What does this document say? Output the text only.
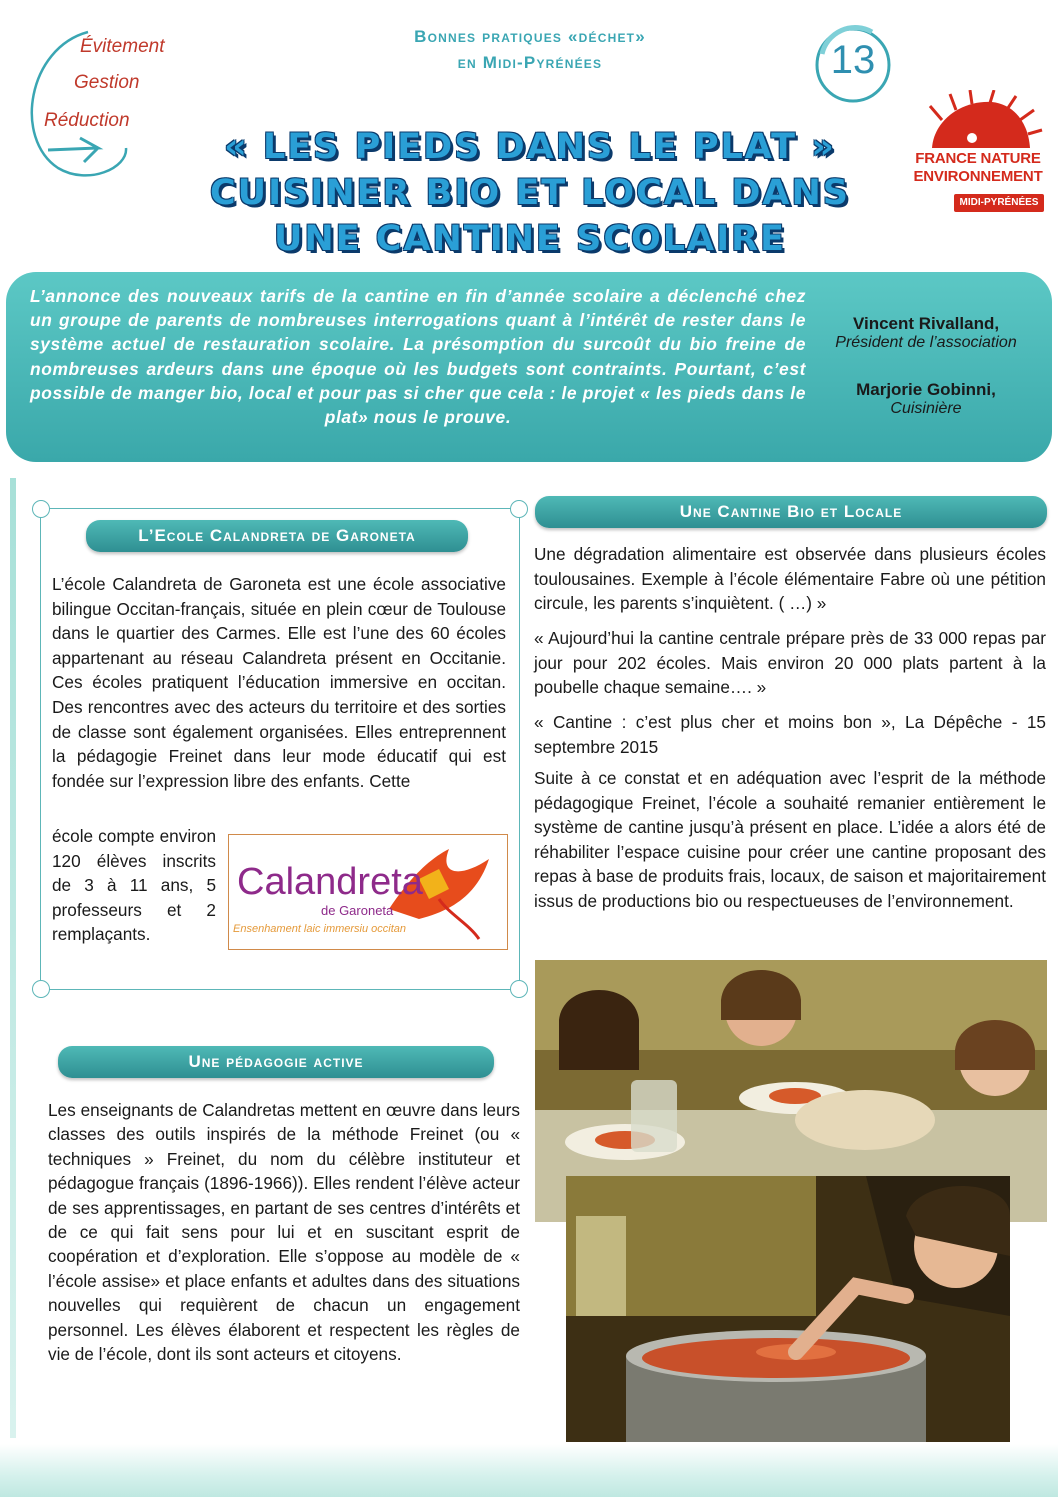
Évitement
Gestion
Réduction
Bonnes pratiques «déchet»
en Midi-Pyrénées	13
« LES PIEDS DANS LE PLAT »
CUISINER BIO ET LOCAL DANS
UNE CANTINE SCOLAIRE
FRANCE NATURE
ENVIRONNEMENT
MIDI-PYRÉNÉES
L’annonce des nouveaux tarifs de la cantine en fin d’année scolaire a déclenché chez un groupe de parents de nombreuses interrogations quant à l’intérêt de rester dans le système actuel de restauration scolaire. La présomption du surcoût du bio freine de nombreuses ardeurs dans une époque où les budgets sont contraints. Pourtant, c’est possible de manger bio, local et pour pas si cher que cela : le projet « les pieds dans le plat» nous le prouve.
Vincent Rivalland,
Président de l’association
Marjorie Gobinni,
Cuisinière
L’Ecole Calandreta de Garoneta
L’école Calandreta de Garoneta est une école associative bilingue Occitan-français, située en plein cœur de Toulouse dans le quartier des Carmes. Elle est l’une des 60 écoles appartenant au réseau Calandreta présent en Occitanie. Ces écoles pratiquent l’éducation immersive en occitan. Des rencontres avec des acteurs du territoire et des sorties de classe sont également organisées. Elles entreprennent la pédagogie Freinet dans leur mode éducatif qui est fondée sur l’expression libre des enfants. Cette
école compte environ 120 élèves inscrits de 3 à 11 ans, 5 professeurs et 2 remplaçants.
Calandreta
de Garoneta
Ensenhament laic immersiu occitan
Une pédagogie active
Les enseignants de Calandretas mettent en œuvre dans leurs classes des outils inspirés de la méthode Freinet (ou « techniques » Freinet, du nom du célèbre instituteur et pédagogue français (1896-1966)). Elles rendent l’élève acteur de ses apprentissages, en partant de ses centres d’intérêts et de ce qui fait sens pour lui et en suscitant esprit de coopération et d’exploration. Elle s’oppose au modèle de « l’école assise» et place enfants et adultes dans des situations nouvelles qui requièrent de chacun un engagement personnel. Les élèves élaborent et respectent les règles de vie de l’école, dont ils sont acteurs et citoyens.
Une Cantine Bio et Locale
Une dégradation alimentaire est observée dans plusieurs écoles toulousaines. Exemple à l’école élémentaire Fabre où une pétition circule, les parents s’inquiètent. ( …) »
« Aujourd’hui la cantine centrale prépare près de 33 000 repas par jour pour 202 écoles. Mais environ 20 000 plats partent à la poubelle chaque semaine…. »
« Cantine : c’est plus cher et moins bon », La Dépêche - 15 septembre 2015
Suite à ce constat et en adéquation avec l’esprit de la méthode pédagogique Freinet, l’école a souhaité remanier entièrement le système de cantine jusqu’à présent en place. L’idée a alors été de réhabiliter l’espace cuisine pour créer une cantine proposant des repas à base de produits frais, locaux, de saison et majoritairement issus de productions bio ou respectueuses de l’environnement.
